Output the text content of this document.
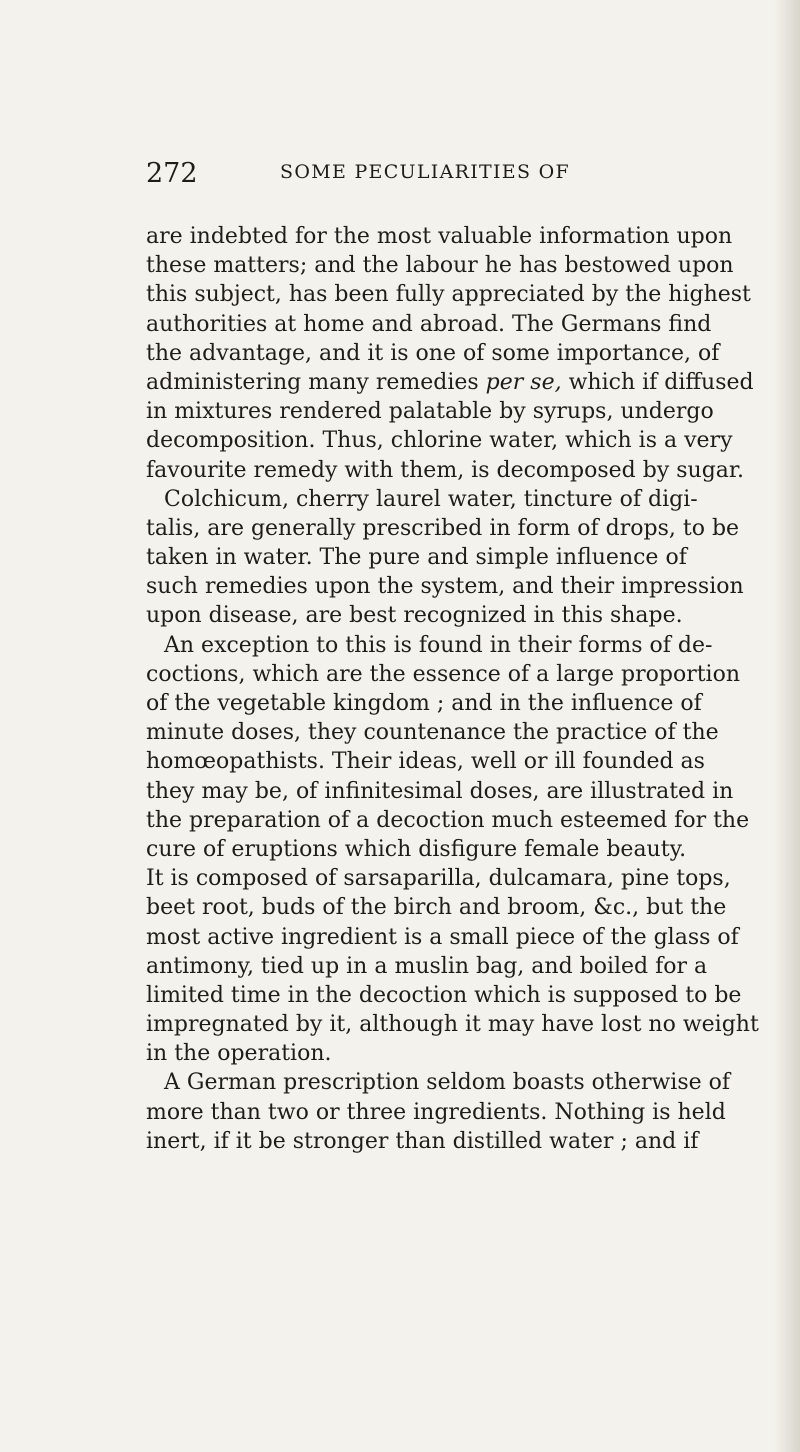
272	SOME PECULIARITIES OF
are indebted for the most valuable information upon
these matters; and the labour he has bestowed upon
this subject, has been fully appreciated by the highest
authorities at home and abroad. The Germans find
the advantage, and it is one of some importance, of
administering many remedies per se, which if diffused
in mixtures rendered palatable by syrups, undergo
decomposition. Thus, chlorine water, which is a very
favourite remedy with them, is decomposed by sugar.
Colchicum, cherry laurel water, tincture of digi-
talis, are generally prescribed in form of drops, to be
taken in water. The pure and simple influence of
such remedies upon the system, and their impression
upon disease, are best recognized in this shape.
An exception to this is found in their forms of de-
coctions, which are the essence of a large proportion
of the vegetable kingdom ; and in the influence of
minute doses, they countenance the practice of the
homœopathists. Their ideas, well or ill founded as
they may be, of infinitesimal doses, are illustrated in
the preparation of a decoction much esteemed for the
cure of eruptions which disfigure female beauty.
It is composed of sarsaparilla, dulcamara, pine tops,
beet root, buds of the birch and broom, &c., but the
most active ingredient is a small piece of the glass of
antimony, tied up in a muslin bag, and boiled for a
limited time in the decoction which is supposed to be
impregnated by it, although it may have lost no weight
in the operation.
A German prescription seldom boasts otherwise of
more than two or three ingredients. Nothing is held
inert, if it be stronger than distilled water ; and if
